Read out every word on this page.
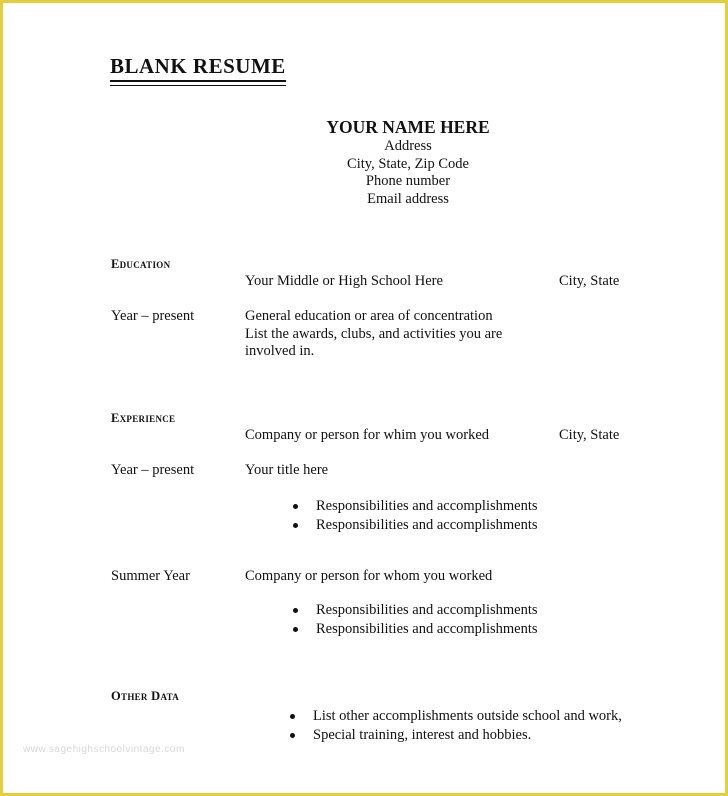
BLANK RESUME
YOUR NAME HERE
Address
City, State, Zip Code
Phone number
Email address
Education
Your Middle or High School Here	City, State
Year – present	General education or area of concentration
List the awards, clubs, and activities you are
involved in.
Experience
Company or person for whim you worked	City, State
Year – present	Your title here
Responsibilities and accomplishments
Responsibilities and accomplishments
Summer Year	Company or person for whom you worked
Responsibilities and accomplishments
Responsibilities and accomplishments
Other Data
List other accomplishments outside school and work,
Special training, interest and hobbies.
www.sagehighschoolvintage.com
